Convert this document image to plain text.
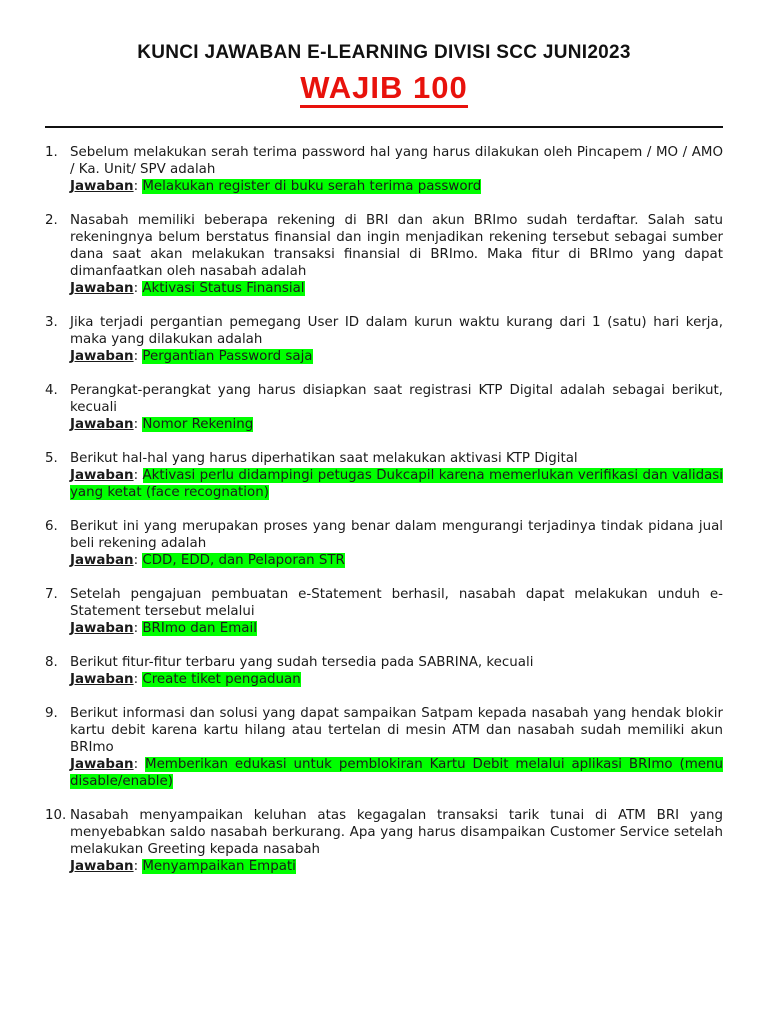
KUNCI JAWABAN E-LEARNING DIVISI SCC JUNI2023
WAJIB 100
1. Sebelum melakukan serah terima password hal yang harus dilakukan oleh Pincapem / MO / AMO / Ka. Unit/ SPV adalah
Jawaban: Melakukan register di buku serah terima password
2. Nasabah memiliki beberapa rekening di BRI dan akun BRImo sudah terdaftar. Salah satu rekeningnya belum berstatus finansial dan ingin menjadikan rekening tersebut sebagai sumber dana saat akan melakukan transaksi finansial di BRImo. Maka fitur di BRImo yang dapat dimanfaatkan oleh nasabah adalah
Jawaban: Aktivasi Status Finansial
3. Jika terjadi pergantian pemegang User ID dalam kurun waktu kurang dari 1 (satu) hari kerja, maka yang dilakukan adalah
Jawaban: Pergantian Password saja
4. Perangkat-perangkat yang harus disiapkan saat registrasi KTP Digital adalah sebagai berikut, kecuali
Jawaban: Nomor Rekening
5. Berikut hal-hal yang harus diperhatikan saat melakukan aktivasi KTP Digital
Jawaban: Aktivasi perlu didampingi petugas Dukcapil karena memerlukan verifikasi dan validasi yang ketat (face recognation)
6. Berikut ini yang merupakan proses yang benar dalam mengurangi terjadinya tindak pidana jual beli rekening adalah
Jawaban: CDD, EDD, dan Pelaporan STR
7. Setelah pengajuan pembuatan e-Statement berhasil, nasabah dapat melakukan unduh e-Statement tersebut melalui
Jawaban: BRImo dan Email
8. Berikut fitur-fitur terbaru yang sudah tersedia pada SABRINA, kecuali
Jawaban: Create tiket pengaduan
9. Berikut informasi dan solusi yang dapat sampaikan Satpam kepada nasabah yang hendak blokir kartu debit karena kartu hilang atau tertelan di mesin ATM dan nasabah sudah memiliki akun BRImo
Jawaban: Memberikan edukasi untuk pemblokiran Kartu Debit melalui aplikasi BRImo (menu disable/enable)
10. Nasabah menyampaikan keluhan atas kegagalan transaksi tarik tunai di ATM BRI yang menyebabkan saldo nasabah berkurang. Apa yang harus disampaikan Customer Service setelah melakukan Greeting kepada nasabah
Jawaban: Menyampaikan Empati
